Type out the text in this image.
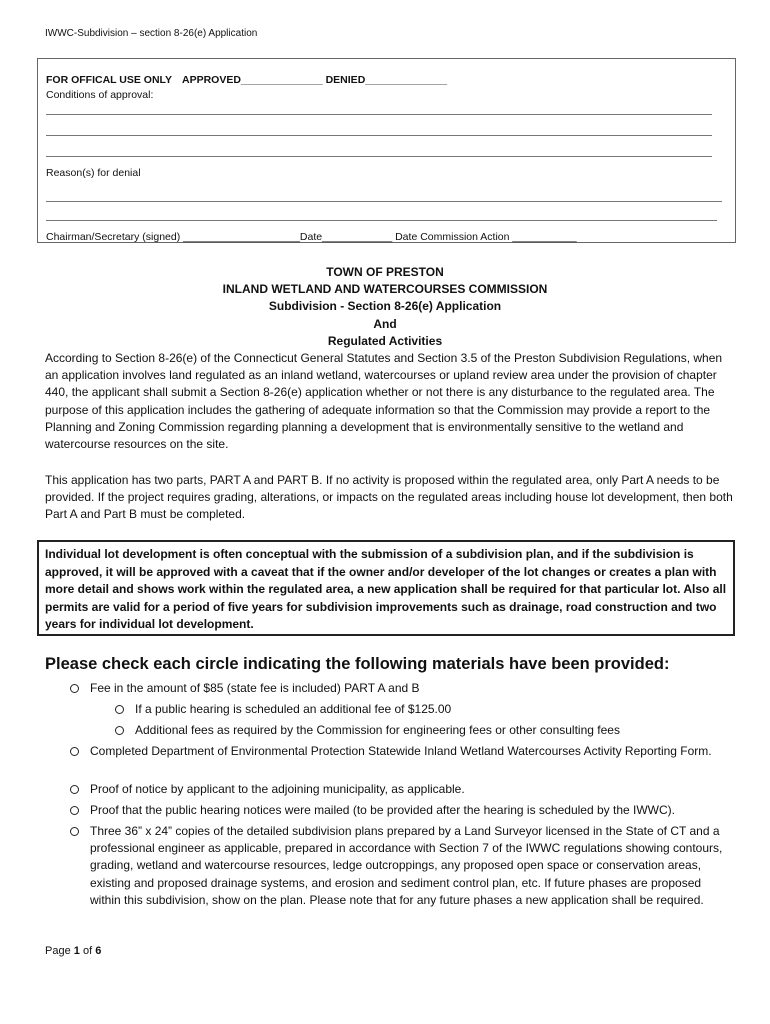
IWWC-Subdivision – section 8-26(e) Application
FOR OFFICAL USE ONLY APPROVED______________ DENIED______________
Conditions of approval:
Reason(s) for denial
Chairman/Secretary (signed) ____________________Date____________ Date Commission Action ___________
TOWN OF PRESTON
INLAND WETLAND AND WATERCOURSES COMMISSION
Subdivision - Section 8-26(e) Application
And
Regulated Activities
According to Section 8-26(e) of the Connecticut General Statutes and Section 3.5 of the Preston Subdivision Regulations, when an application involves land regulated as an inland wetland, watercourses or upland review area under the provision of chapter 440, the applicant shall submit a Section 8-26(e) application whether or not there is any disturbance to the regulated area. The purpose of this application includes the gathering of adequate information so that the Commission may provide a report to the Planning and Zoning Commission regarding planning a development that is environmentally sensitive to the wetland and watercourse resources on the site.
This application has two parts, PART A and PART B. If no activity is proposed within the regulated area, only Part A needs to be provided. If the project requires grading, alterations, or impacts on the regulated areas including house lot development, then both Part A and Part B must be completed.
Individual lot development is often conceptual with the submission of a subdivision plan, and if the subdivision is approved, it will be approved with a caveat that if the owner and/or developer of the lot changes or creates a plan with more detail and shows work within the regulated area, a new application shall be required for that particular lot. Also all permits are valid for a period of five years for subdivision improvements such as drainage, road construction and two years for individual lot development.
Please check each circle indicating the following materials have been provided:
Fee in the amount of $85 (state fee is included) PART A and B
If a public hearing is scheduled an additional fee of $125.00
Additional fees as required by the Commission for engineering fees or other consulting fees
Completed Department of Environmental Protection Statewide Inland Wetland Watercourses Activity Reporting Form.
Proof of notice by applicant to the adjoining municipality, as applicable.
Proof that the public hearing notices were mailed (to be provided after the hearing is scheduled by the IWWC).
Three 36” x 24” copies of the detailed subdivision plans prepared by a Land Surveyor licensed in the State of CT and a professional engineer as applicable, prepared in accordance with Section 7 of the IWWC regulations showing contours, grading, wetland and watercourse resources, ledge outcroppings, any proposed open space or conservation areas, existing and proposed drainage systems, and erosion and sediment control plan, etc. If future phases are proposed within this subdivision, show on the plan. Please note that for any future phases a new application shall be required.
Page 1 of 6
